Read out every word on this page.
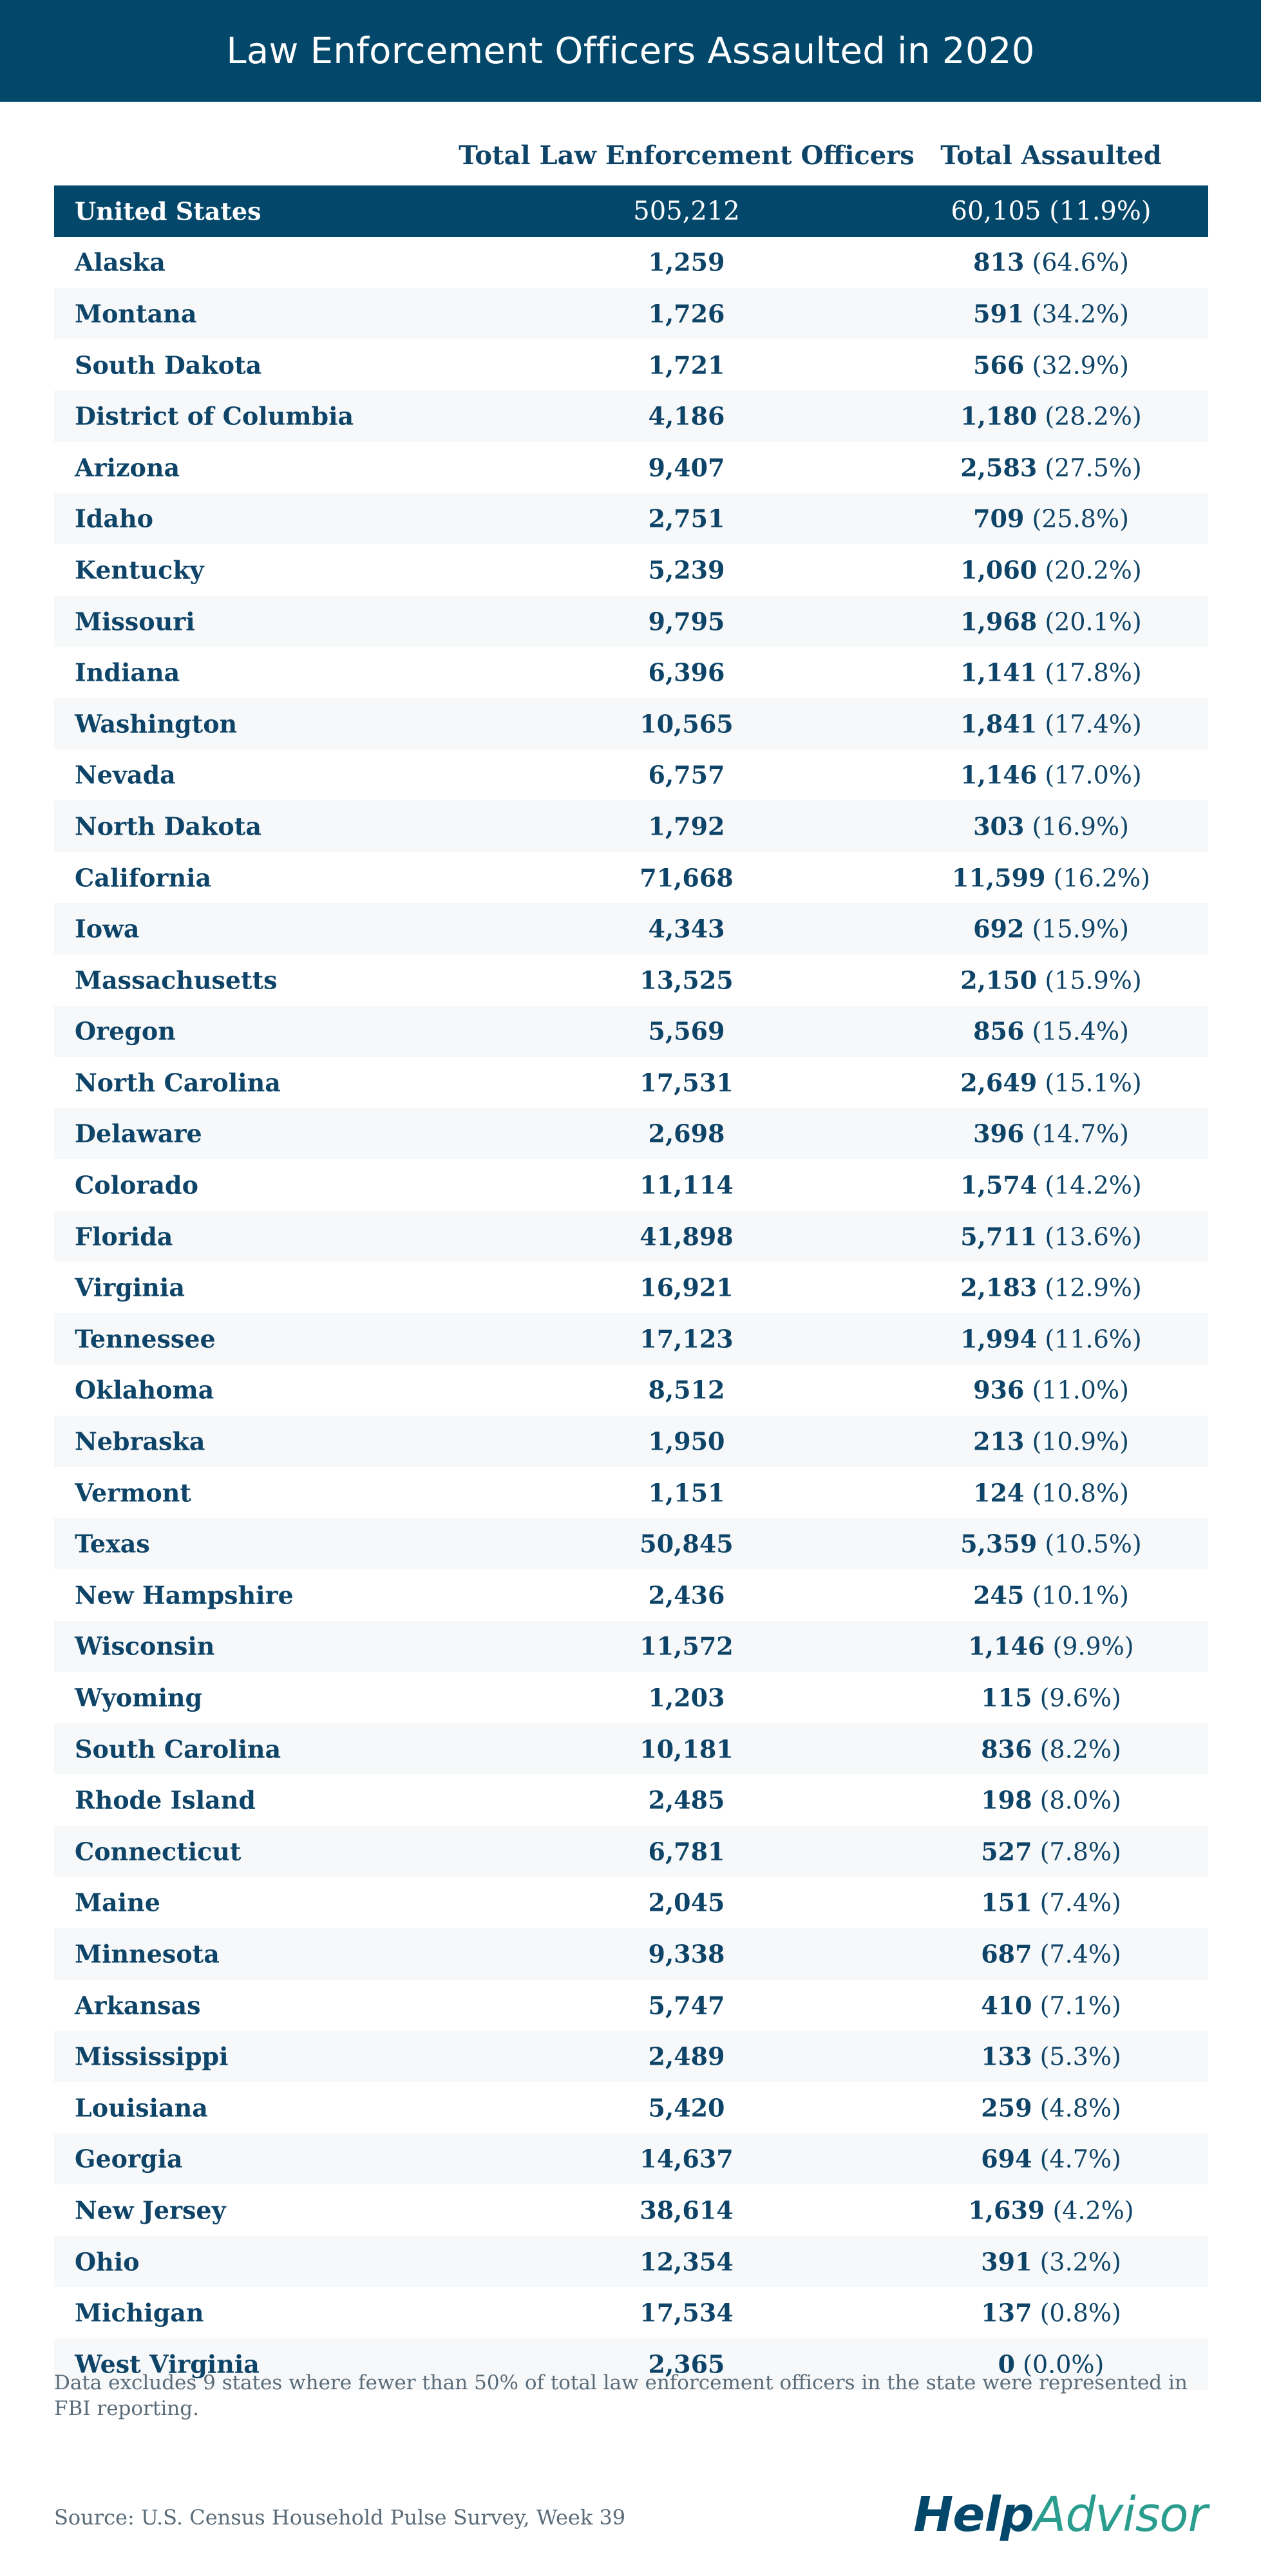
Law Enforcement Officers Assaulted in 2020
Total Law Enforcement Officers Total Assaulted
United States	505,212	60,105 (11.9%)
Alaska	1,259	813 (64.6%)
Montana	1,726	591 (34.2%)
South Dakota	1,721	566 (32.9%)
District of Columbia	4,186	1,180 (28.2%)
Arizona	9,407	2,583 (27.5%)
Idaho	2,751	709 (25.8%)
Kentucky	5,239	1,060 (20.2%)
Missouri	9,795	1,968 (20.1%)
Indiana	6,396	1,141 (17.8%)
Washington	10,565	1,841 (17.4%)
Nevada	6,757	1,146 (17.0%)
North Dakota	1,792	303 (16.9%)
California	71,668	11,599 (16.2%)
Iowa	4,343	692 (15.9%)
Massachusetts	13,525	2,150 (15.9%)
Oregon	5,569	856 (15.4%)
North Carolina	17,531	2,649 (15.1%)
Delaware	2,698	396 (14.7%)
Colorado	11,114	1,574 (14.2%)
Florida	41,898	5,711 (13.6%)
Virginia	16,921	2,183 (12.9%)
Tennessee	17,123	1,994 (11.6%)
Oklahoma	8,512	936 (11.0%)
Nebraska	1,950	213 (10.9%)
Vermont	1,151	124 (10.8%)
Texas	50,845	5,359 (10.5%)
New Hampshire	2,436	245 (10.1%)
Wisconsin	11,572	1,146 (9.9%)
Wyoming	1,203	115 (9.6%)
South Carolina	10,181	836 (8.2%)
Rhode Island	2,485	198 (8.0%)
Connecticut	6,781	527 (7.8%)
Maine	2,045	151 (7.4%)
Minnesota	9,338	687 (7.4%)
Arkansas	5,747	410 (7.1%)
Mississippi	2,489	133 (5.3%)
Louisiana	5,420	259 (4.8%)
Georgia	14,637	694 (4.7%)
New Jersey	38,614	1,639 (4.2%)
Ohio	12,354	391 (3.2%)
Michigan	17,534	137 (0.8%)
West Virginia	2,365	0 (0.0%)
Data excludes 9 states where fewer than 50% of total law enforcement officers in the state were represented in FBI reporting.
Source: U.S. Census Household Pulse Survey, Week 39	HelpAdvisor
